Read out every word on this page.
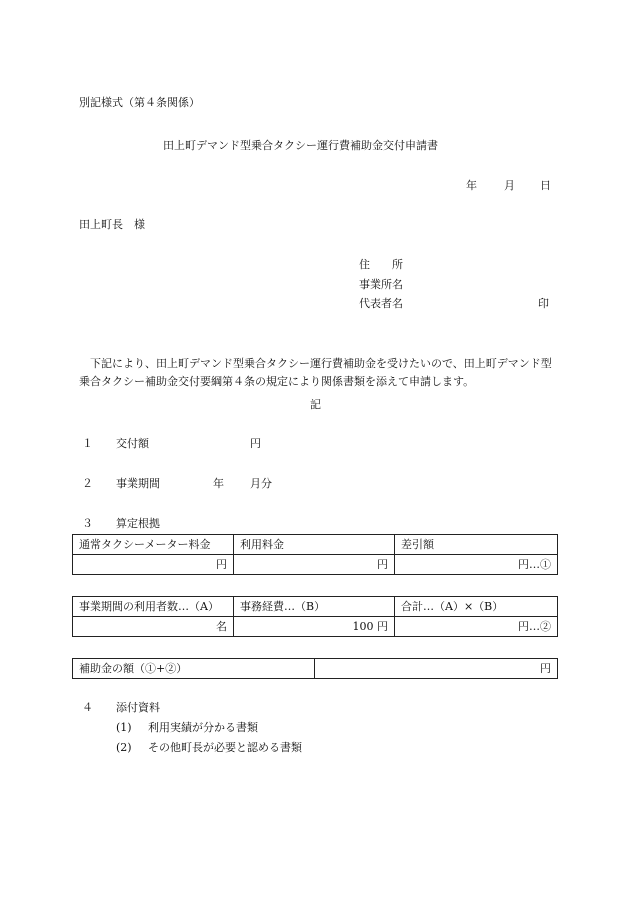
別記様式（第４条関係）
田上町デマンド型乗合タクシー運行費補助金交付申請書
年 月 日
田上町長　様
住　　所
事業所名
代表者名	印
下記により、田上町デマンド型乗合タクシー運行費補助金を受けたいので、田上町デマンド型乗合タクシー補助金交付要綱第４条の規定により関係書類を添えて申請します。
記
１ 交付額	円
２ 事業期間	年 月分
３ 算定根拠
通常タクシーメーター料金	利用料金	差引額
円	円	円…①
事業期間の利用者数…（A）	事務経費…（B）	合計…（A）×（B）
名	100 円	円…②
補助金の額（①+②）	円
４ 添付資料
(1) 利用実績が分かる書類
(2) その他町長が必要と認める書類
